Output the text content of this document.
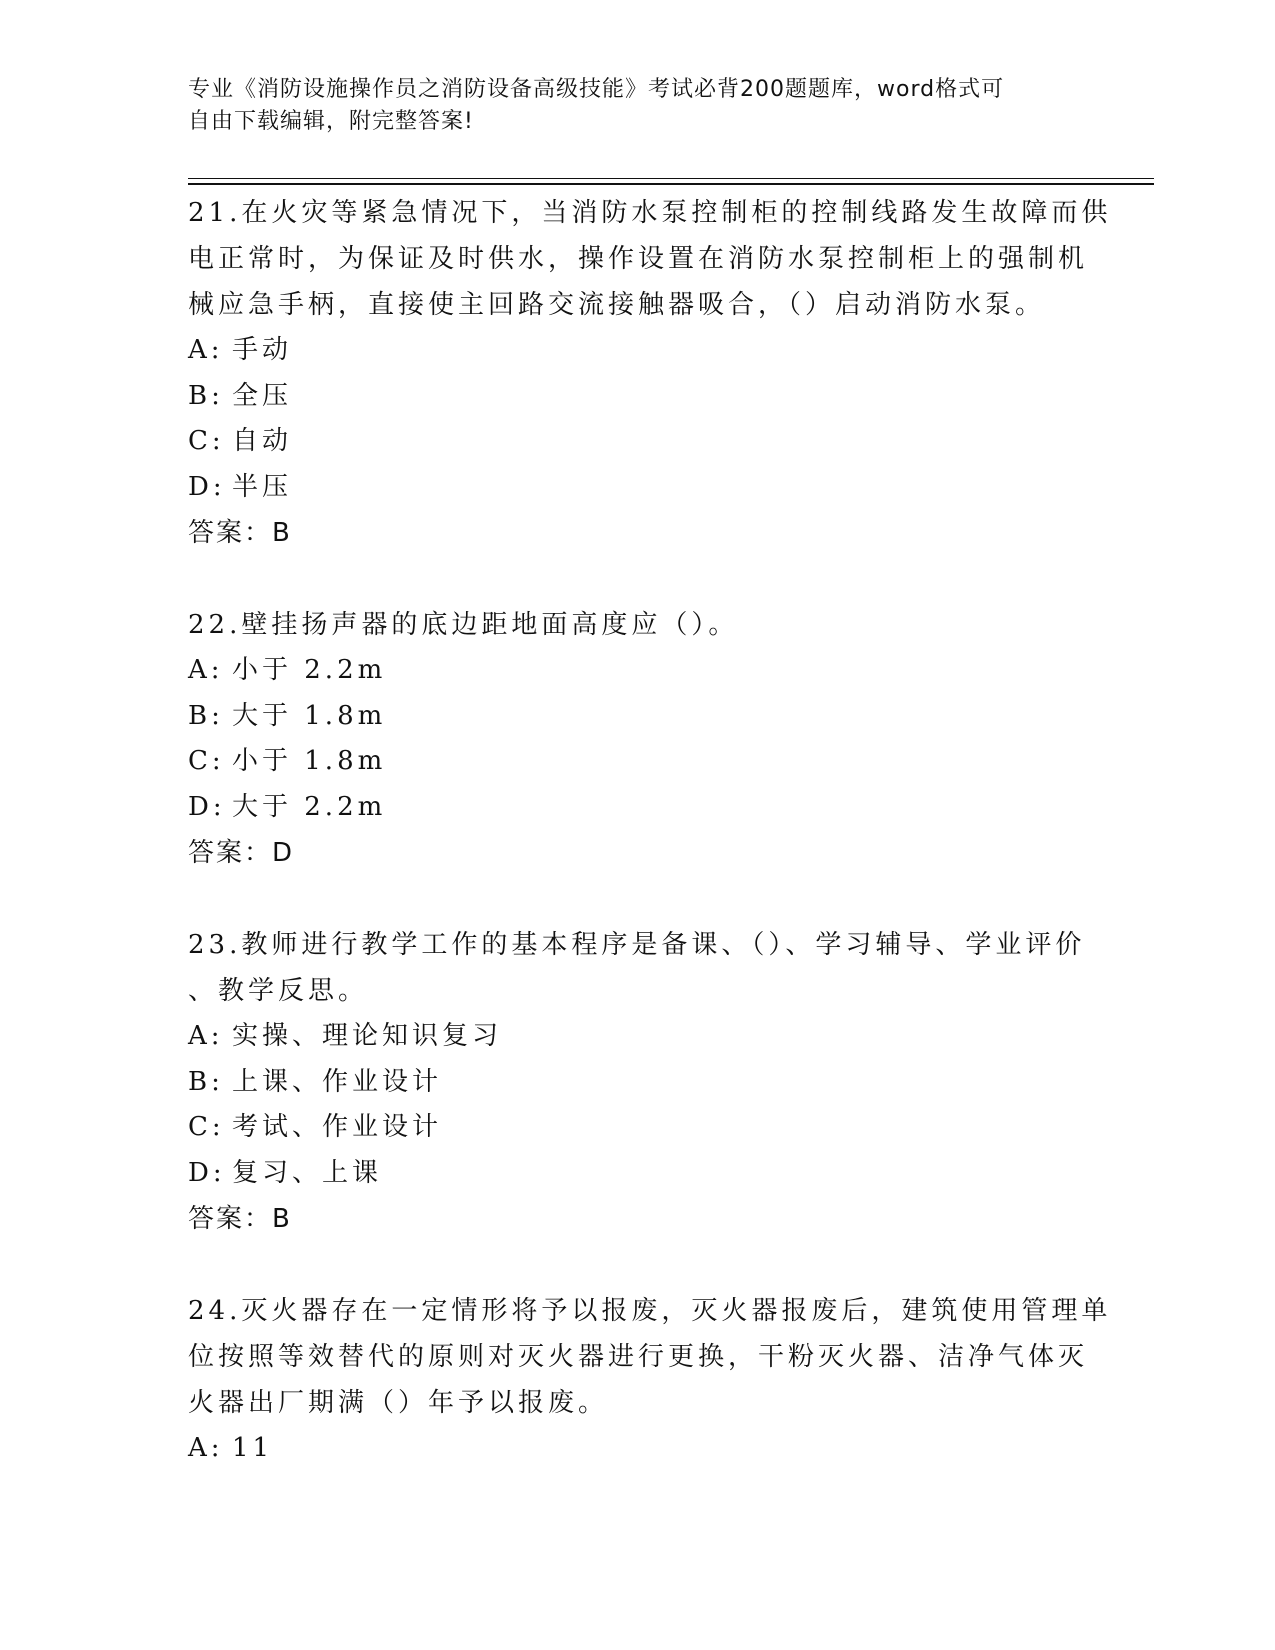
专业《消防设施操作员之消防设备高级技能》考试必背200题题库，word格式可
自由下载编辑，附完整答案!
21.在火灾等紧急情况下，当消防水泵控制柜的控制线路发生故障而供
电正常时，为保证及时供水，操作设置在消防水泵控制柜上的强制机
械应急手柄，直接使主回路交流接触器吸合，（）启动消防水泵。
A: 手动
B: 全压
C: 自动
D: 半压
答案：B
22.壁挂扬声器的底边距地面高度应（）。
A: 小于 2.2m
B: 大于 1.8m
C: 小于 1.8m
D: 大于 2.2m
答案：D
23.教师进行教学工作的基本程序是备课、（）、学习辅导、学业评价
、教学反思。
A: 实操、理论知识复习
B: 上课、作业设计
C: 考试、作业设计
D: 复习、上课
答案：B
24.灭火器存在一定情形将予以报废，灭火器报废后，建筑使用管理单
位按照等效替代的原则对灭火器进行更换，干粉灭火器、洁净气体灭
火器出厂期满（）年予以报废。
A: 11
